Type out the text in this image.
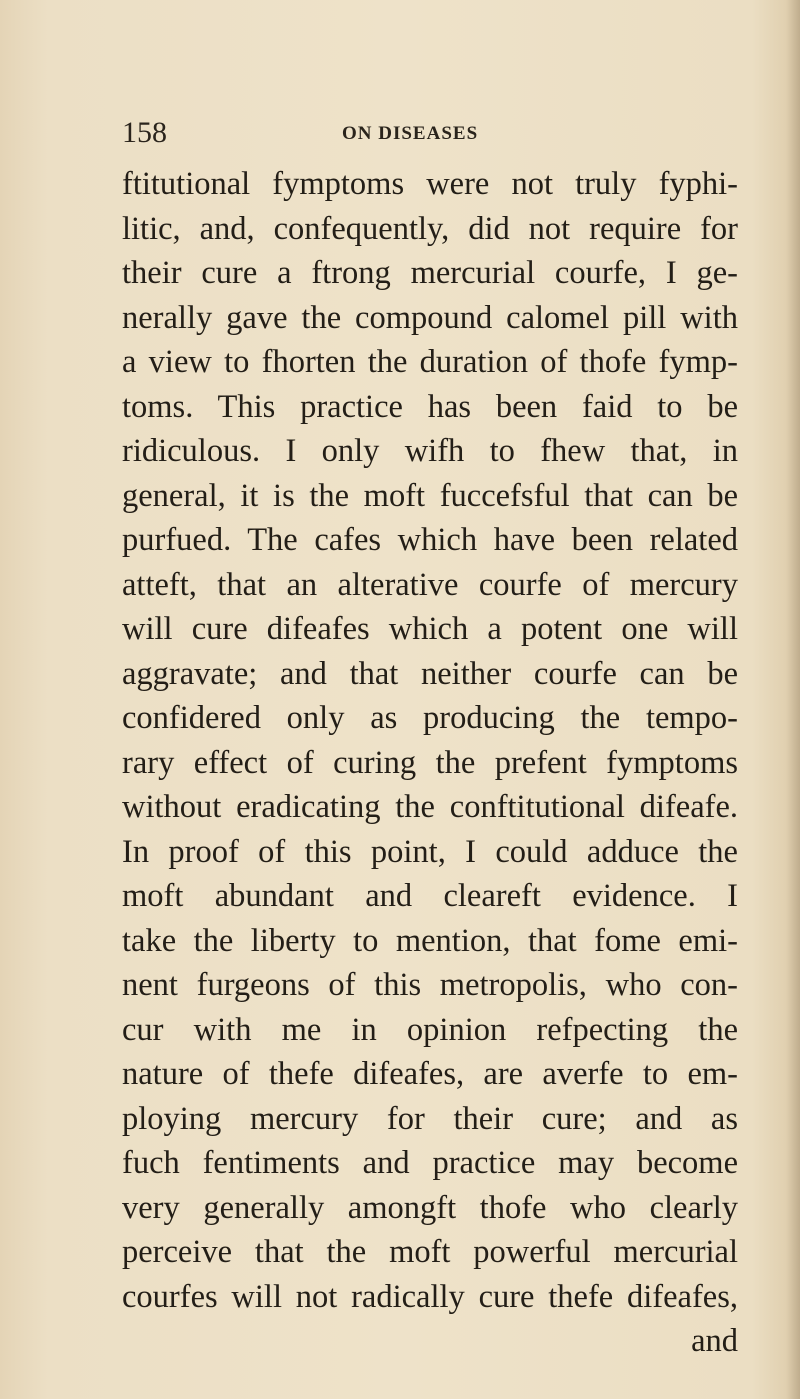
158	ON DISEASES
ftitutional fymptoms were not truly fyphi-
litic, and, confequently, did not require for
their cure a ftrong mercurial courfe, I ge-
nerally gave the compound calomel pill with
a view to fhorten the duration of thofe fymp-
toms. This practice has been faid to be
ridiculous. I only wifh to fhew that, in
general, it is the moft fuccefsful that can be
purfued. The cafes which have been related
atteft, that an alterative courfe of mercury
will cure difeafes which a potent one will
aggravate; and that neither courfe can be
confidered only as producing the tempo-
rary effect of curing the prefent fymptoms
without eradicating the conftitutional difeafe.
In proof of this point, I could adduce the
moft abundant and cleareft evidence. I
take the liberty to mention, that fome emi-
nent furgeons of this metropolis, who con-
cur with me in opinion refpecting the
nature of thefe difeafes, are averfe to em-
ploying mercury for their cure; and as
fuch fentiments and practice may become
very generally amongft thofe who clearly
perceive that the moft powerful mercurial
courfes will not radically cure thefe difeafes,
and
